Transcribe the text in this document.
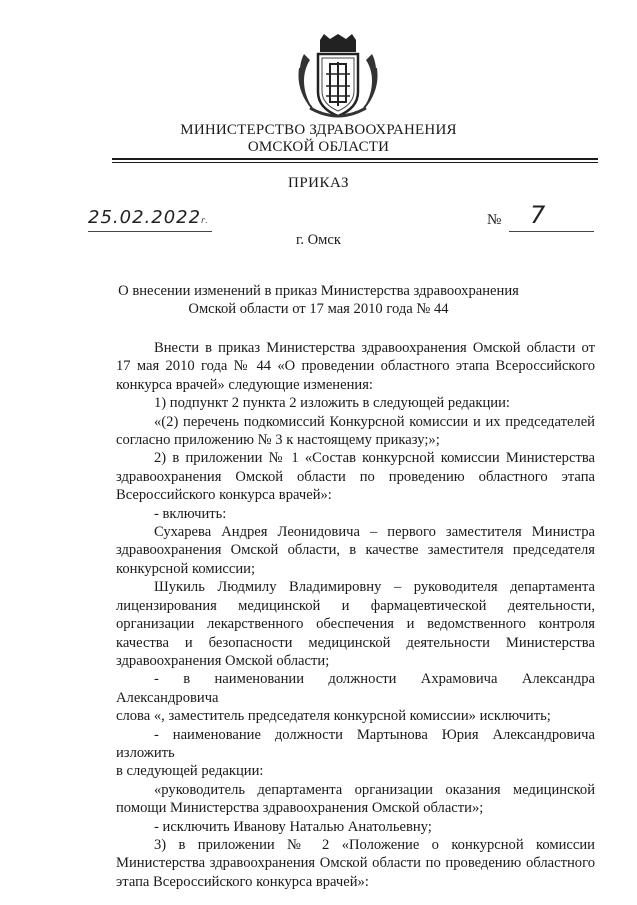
МИНИСТЕРСТВО ЗДРАВООХРАНЕНИЯ
ОМСКОЙ ОБЛАСТИ
ПРИКАЗ
25.02.2022г.	№ 7
г. Омск
О внесении изменений в приказ Министерства здравоохранения
Омской области от 17 мая 2010 года № 44

Внести в приказ Министерства здравоохранения Омской области от

17 мая 2010 года № 44 «О проведении областного этапа Всероссийского

конкурса врачей» следующие изменения:

1) подпункт 2 пункта 2 изложить в следующей редакции:

«(2) перечень подкомиссий Конкурсной комиссии и их председателей

согласно приложению № 3 к настоящему приказу;»;

2) в приложении № 1 «Состав конкурсной комиссии Министерства

здравоохранения Омской области по проведению областного этапа

Всероссийского конкурса врачей»:

- включить:

Сухарева Андрея Леонидовича – первого заместителя Министра

здравоохранения Омской области, в качестве заместителя председателя

конкурсной комиссии;

Шукиль Людмилу Владимировну – руководителя департамента

лицензирования медицинской и фармацевтической деятельности,

организации лекарственного обеспечения и ведомственного контроля

качества и безопасности медицинской деятельности Министерства

здравоохранения Омской области;

- в наименовании должности Ахрамовича Александра Александровича

слова «, заместитель председателя конкурсной комиссии» исключить;

- наименование должности Мартынова Юрия Александровича изложить

в следующей редакции:

«руководитель департамента организации оказания медицинской

помощи Министерства здравоохранения Омской области»;

- исключить Иванову Наталью Анатольевну;

3) в приложении № 2 «Положение о конкурсной комиссии

Министерства здравоохранения Омской области по проведению областного

этапа Всероссийского конкурса врачей»:
